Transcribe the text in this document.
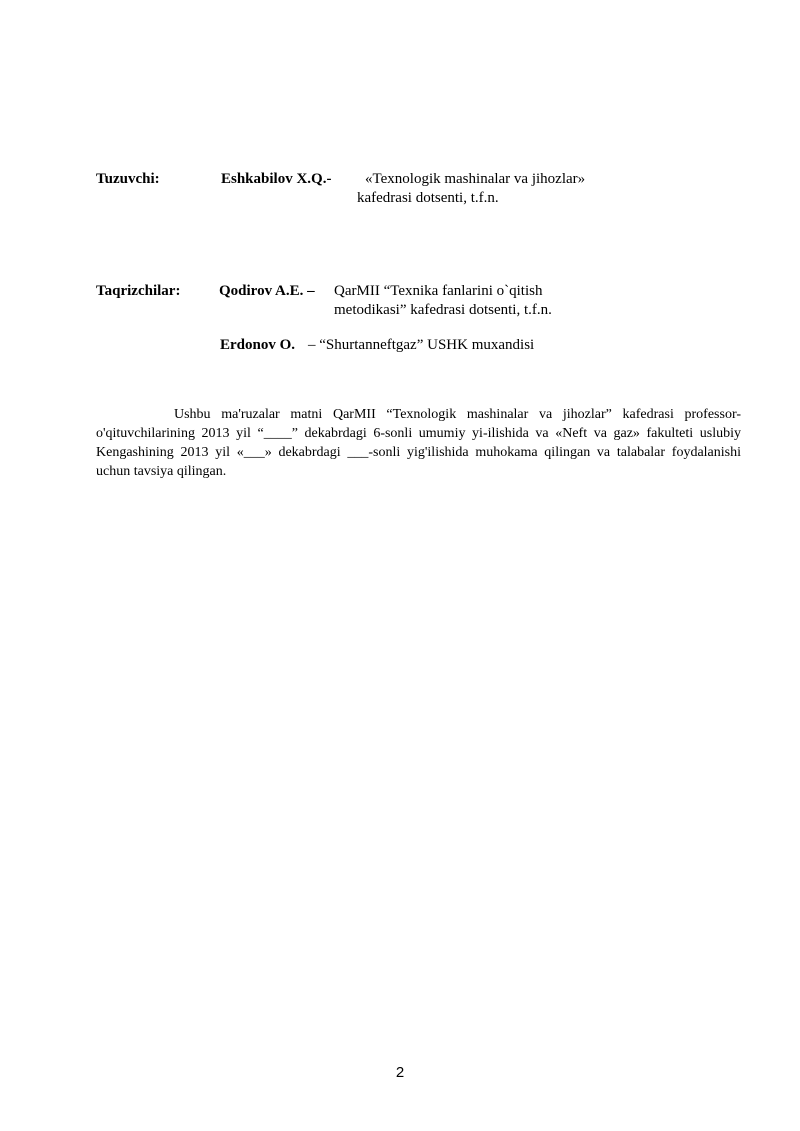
Tuzuvchi:	Eshkabilov X.Q.- «Texnologik mashinalar va jihozlar»
kafedrasi dotsenti, t.f.n.
Taqrizchilar:	Qodirov A.E. – QarMII “Texnika fanlarini o`qitish
metodikasi” kafedrasi dotsenti, t.f.n.
Erdonov O. – “Shurtanneftgaz” USHK muxandisi
Ushbu ma'ruzalar matni QarMII “Texnologik mashinalar va jihozlar” kafedrasi professor-o'qituvchilarining 2013 yil “____” dekabrdagi 6-sonli umumiy yi-ilishida va «Neft va gaz» fakulteti uslubiy Kengashining 2013 yil «___» dekabrdagi ___-sonli yig'ilishida muhokama qilingan va talabalar foydalanishi uchun tavsiya qilingan.
2
